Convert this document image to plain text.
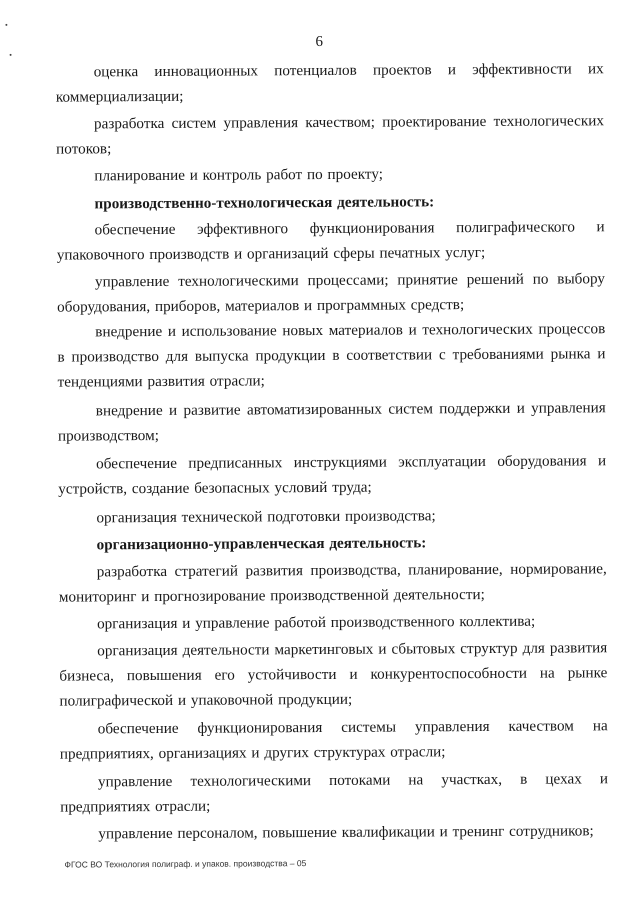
6

оценка инновационных потенциалов проектов и эффективности их коммерциализации;

разработка систем управления качеством; проектирование технологических потоков;

планирование и контроль работ по проекту;

производственно-технологическая деятельность:

обеспечение эффективного функционирования полиграфического и упаковочного производств и организаций сферы печатных услуг;

управление технологическими процессами; принятие решений по выбору оборудования, приборов, материалов и программных средств;

внедрение и использование новых материалов и технологических процессов в производство для выпуска продукции в соответствии с требованиями рынка и тенденциями развития отрасли;

внедрение и развитие автоматизированных систем поддержки и управления производством;

обеспечение предписанных инструкциями эксплуатации оборудования и устройств, создание безопасных условий труда;

организация технической подготовки производства;

организационно-управленческая деятельность:

разработка стратегий развития производства, планирование, нормирование, мониторинг и прогнозирование производственной деятельности;

организация и управление работой производственного коллектива;

организация деятельности маркетинговых и сбытовых структур для развития бизнеса, повышения его устойчивости и конкурентоспособности на рынке полиграфической и упаковочной продукции;

обеспечение функционирования системы управления качеством на предприятиях, организациях и других структурах отрасли;

управление технологическими потоками на участках, в цехах и предприятиях отрасли;

управление персоналом, повышение квалификации и тренинг сотрудников;

ФГОС ВО Технология полиграф. и упаков. производства – 05
